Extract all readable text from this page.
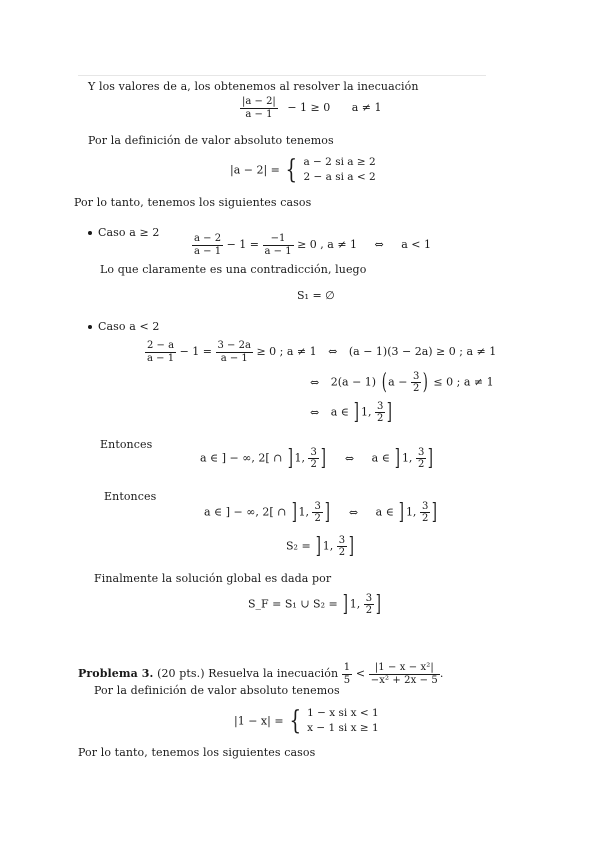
Y los valores de a, los obtenemos al resolver la inecuación
$\frac{|a - 2|}{a - 1} - 1 \ge 0$ a ≠ 1
Por la definición de valor absoluto tenemos
|a − 2| = { a − 2 si a ≥ 2
2 − a si a < 2
Por lo tanto, tenemos los siguientes casos
Caso a ≥ 2
$\frac{a - 2}{a - 1} - 1 = \frac{-1}{a - 1} \ge 0$ , a ≠ 1 ⇔ a < 1
Lo que claramente es una contradicción, luego
S₁ = ∅
Caso a < 2
$\frac{2 - a}{a - 1} - 1 = \frac{3 - 2a}{a - 1} \ge 0$ ; a ≠ 1 ⇔ (a − 1)(3 − 2a) ≥ 0 ; a ≠ 1
⇔ 2(a − 1) ( $a - \frac{3}{2}$ ) ≤ 0 ; a ≠ 1
⇔ a ∈ ] 1, $\frac{3}{2}$ ]
Entonces
a ∈ ] − ∞, 2[ ∩ ] 1, $\frac{3}{2}$ ] ⇔ a ∈ ] 1, $\frac{3}{2}$ ]
Entonces
a ∈ ] − ∞, 2[ ∩ ] 1, $\frac{3}{2}$ ] ⇔ a ∈ ] 1, $\frac{3}{2}$ ]
S₂ = ] 1, $\frac{3}{2}$ ]
Finalmente la solución global es dada por
S_F = S₁ ∪ S₂ = ] 1, $\frac{3}{2}$ ]
Problema 3. (20 pts.) Resuelva la inecuación $\frac{1}{5} < \frac{\text{|1 − x − x²|}}{\text{−x² + 2x − 5}}$ .
Por la definición de valor absoluto tenemos
|1 − x| = { 1 − x si x < 1
x − 1 si x ≥ 1
Por lo tanto, tenemos los siguientes casos
